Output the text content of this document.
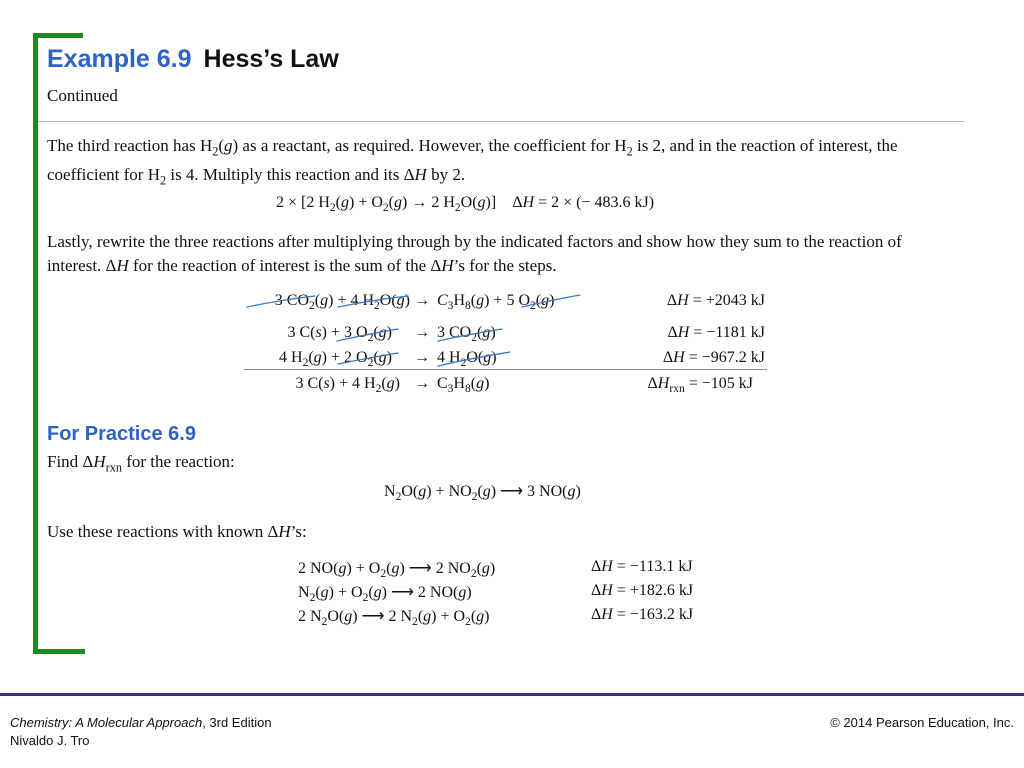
Example 6.9 Hess’s Law
Continued
The third reaction has $H_2(g)$ as a reactant, as required. However, the coefficient for $H_2$ is 2, and in the reaction of interest, the coefficient for $H_2$ is 4. Multiply this reaction and its ΔH by 2.
2 × [2 $H_2(g) + O_2(g) \to 2$ $H_2O(g)$]    ΔH = 2 × (− 483.6 kJ)
Lastly, rewrite the three reactions after multiplying through by the indicated factors and show how they sum to the reaction of interest. ΔH for the reaction of interest is the sum of the ΔH’s for the steps.
3 $CO_2(g) + 4$ $H_2O(g) \to C_3H_8(g) + 5$ $O_2(g)$	ΔH = +2043 kJ
3 C(s) + 3 $O_2(g) \to 3$ $CO_2(g)$	ΔH = −1181 kJ
4 $H_2(g) + 2$ $O_2(g) \to 4$ $H_2O(g)$	ΔH = −967.2 kJ
3 C(s) + 4 $H_2(g) \to C_3H_8(g)$	$\Delta H_{rxn} = -105$ kJ
For Practice 6.9
Find $\Delta H_{rxn}$ for the reaction:
$N_2O(g) + NO_2(g)$ ⟶ 3 NO(g)
Use these reactions with known ΔH’s:
2 $NO(g) + O_2(g)$ ⟶ 2 $NO_2(g)$	ΔH = −113.1 kJ
$N_2(g) + O_2(g)$ ⟶ 2 NO(g)	ΔH = +182.6 kJ
2 $N_2O(g)$ ⟶ 2 $N_2(g) + O_2(g)$	ΔH = −163.2 kJ
Chemistry: A Molecular Approach, 3rd Edition
Nivaldo J. Tro
© 2014 Pearson Education, Inc.
